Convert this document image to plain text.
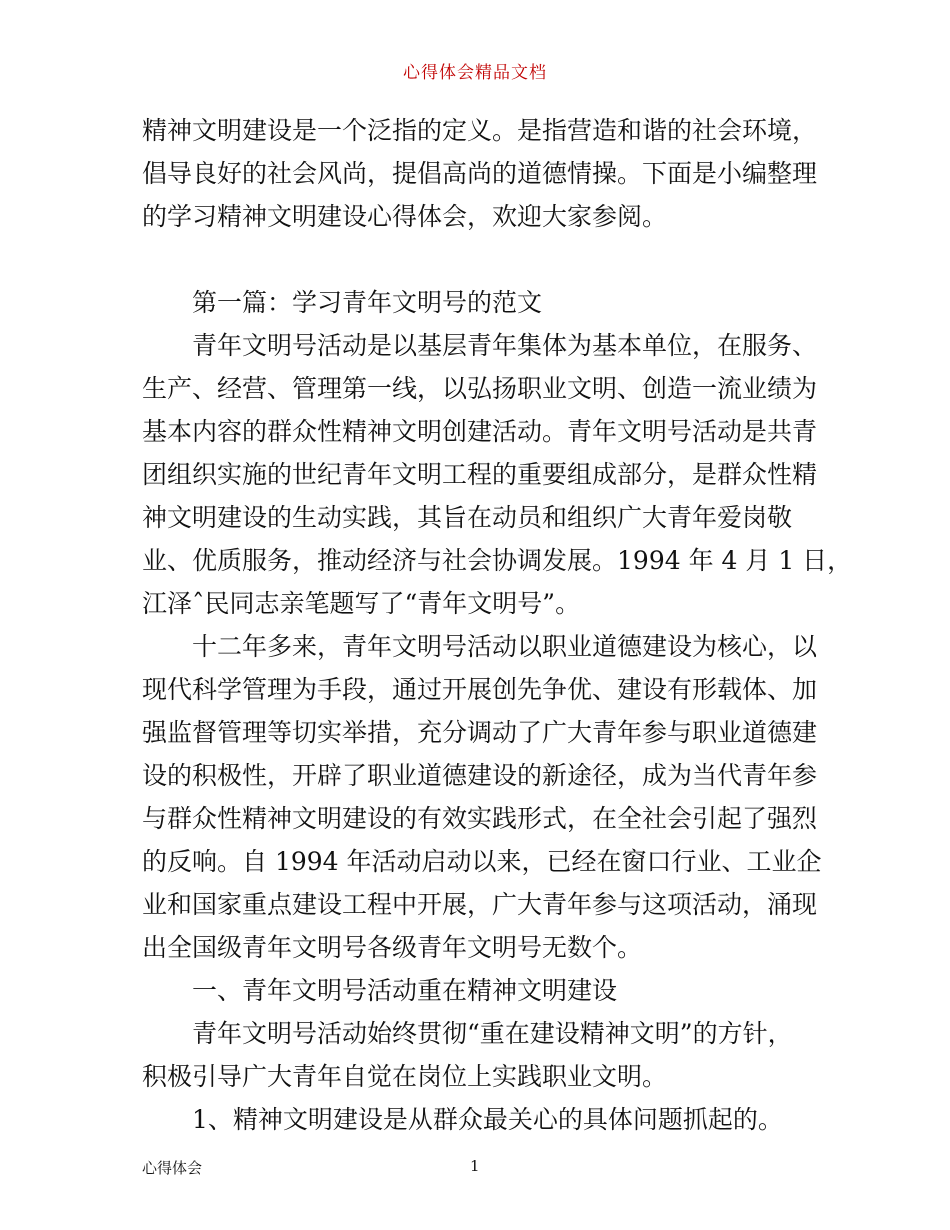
心得体会精品文档
精神文明建设是一个泛指的定义。是指营造和谐的社会环境，
倡导良好的社会风尚，提倡高尚的道德情操。下面是小编整理
的学习精神文明建设心得体会，欢迎大家参阅。
第一篇：学习青年文明号的范文
青年文明号活动是以基层青年集体为基本单位，在服务、
生产、经营、管理第一线，以弘扬职业文明、创造一流业绩为
基本内容的群众性精神文明创建活动。青年文明号活动是共青
团组织实施的世纪青年文明工程的重要组成部分，是群众性精
神文明建设的生动实践，其旨在动员和组织广大青年爱岗敬
业、优质服务，推动经济与社会协调发展。1994 年 4 月 1 日，
江泽ˆ民同志亲笔题写了“青年文明号”。
十二年多来，青年文明号活动以职业道德建设为核心，以
现代科学管理为手段，通过开展创先争优、建设有形载体、加
强监督管理等切实举措，充分调动了广大青年参与职业道德建
设的积极性，开辟了职业道德建设的新途径，成为当代青年参
与群众性精神文明建设的有效实践形式，在全社会引起了强烈
的反响。自 1994 年活动启动以来，已经在窗口行业、工业企
业和国家重点建设工程中开展，广大青年参与这项活动，涌现
出全国级青年文明号各级青年文明号无数个。
一、青年文明号活动重在精神文明建设
青年文明号活动始终贯彻“重在建设精神文明”的方针，
积极引导广大青年自觉在岗位上实践职业文明。
1、精神文明建设是从群众最关心的具体问题抓起的。
心得体会	1
